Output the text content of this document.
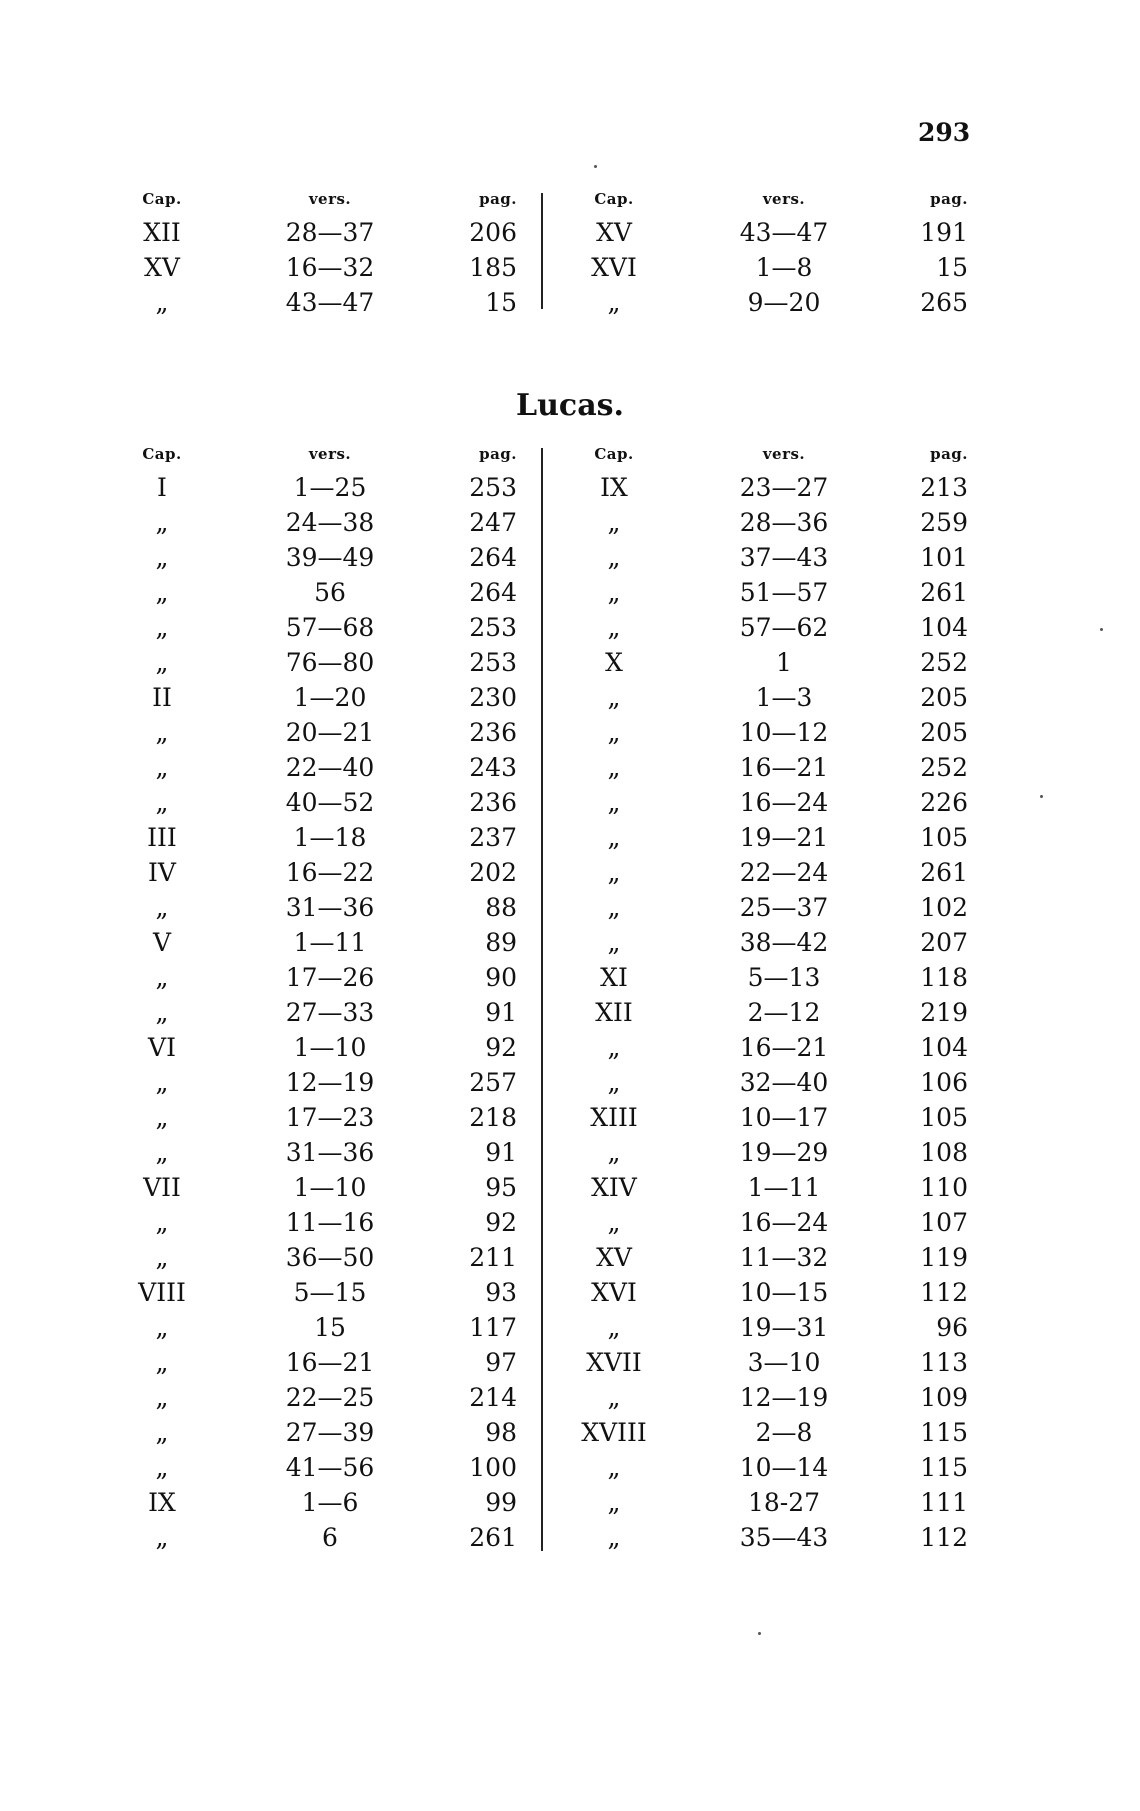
293
Cap.	vers.	pag.	Cap.	vers.	pag.
XII	28—37	206	XV	43—47	191
XV	16—32	185	XVI	1—8	15
„	43—47	15	„	9—20	265
Lucas.
Cap.	vers.	pag.	Cap.	vers.	pag.
I	1—25	253	IX	23—27	213
„	24—38	247	„	28—36	259
„	39—49	264	„	37—43	101
„	56	264	„	51—57	261
„	57—68	253	„	57—62	104
„	76—80	253	X	1	252
II	1—20	230	„	1—3	205
„	20—21	236	„	10—12	205
„	22—40	243	„	16—21	252
„	40—52	236	„	16—24	226
III	1—18	237	„	19—21	105
IV	16—22	202	„	22—24	261
„	31—36	88	„	25—37	102
V	1—11	89	„	38—42	207
„	17—26	90	XI	5—13	118
„	27—33	91	XII	2—12	219
VI	1—10	92	„	16—21	104
„	12—19	257	„	32—40	106
„	17—23	218	XIII	10—17	105
„	31—36	91	„	19—29	108
VII	1—10	95	XIV	1—11	110
„	11—16	92	„	16—24	107
„	36—50	211	XV	11—32	119
VIII	5—15	93	XVI	10—15	112
„	15	117	„	19—31	96
„	16—21	97	XVII	3—10	113
„	22—25	214	„	12—19	109
„	27—39	98	XVIII	2—8	115
„	41—56	100	„	10—14	115
IX	1—6	99	„	18-27	111
„	6	261	„	35—43	112
